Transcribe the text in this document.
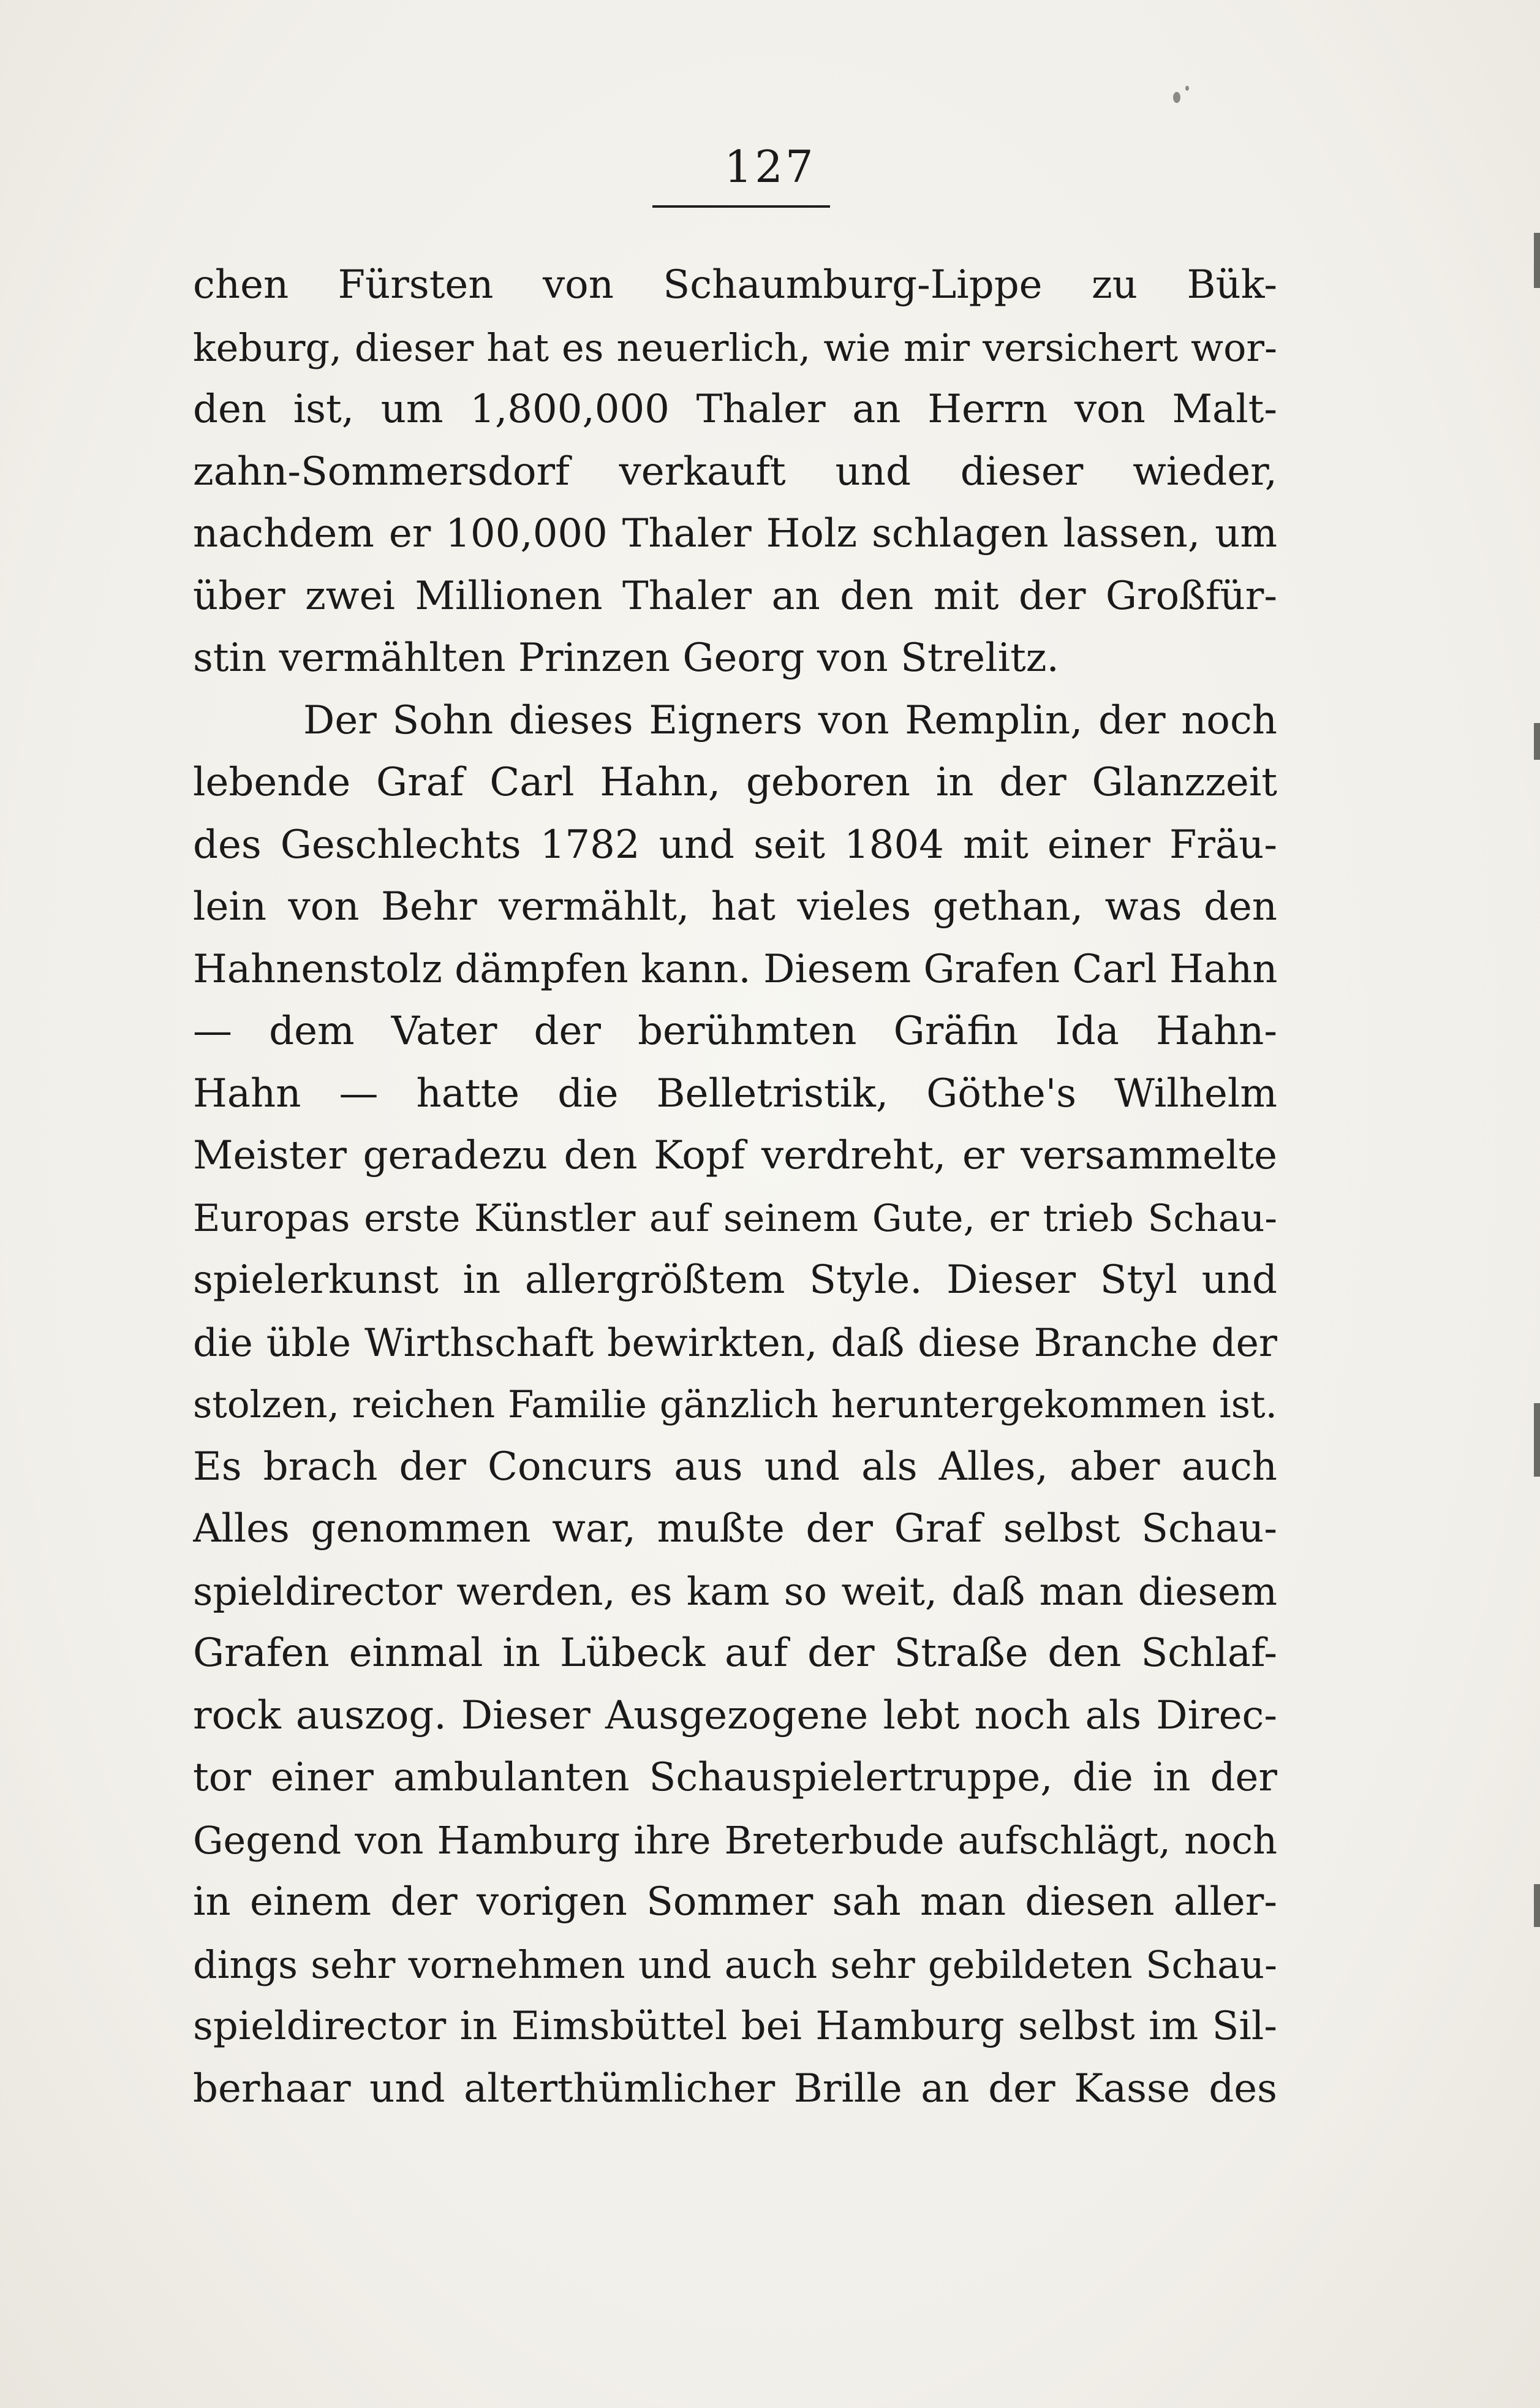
127
chen Fürsten von Schaumburg-Lippe zu Bük-
keburg, dieser hat es neuerlich, wie mir versichert wor-
den ist, um 1,800,000 Thaler an Herrn von Malt-
zahn-Sommersdorf verkauft und dieser wieder,
nachdem er 100,000 Thaler Holz schlagen lassen, um
über zwei Millionen Thaler an den mit der Großfür-
stin vermählten Prinzen Georg von Strelitz.
Der Sohn dieses Eigners von Remplin, der noch
lebende Graf Carl Hahn, geboren in der Glanzzeit
des Geschlechts 1782 und seit 1804 mit einer Fräu-
lein von Behr vermählt, hat vieles gethan, was den
Hahnenstolz dämpfen kann. Diesem Grafen Carl Hahn
— dem Vater der berühmten Gräfin Ida Hahn-
Hahn — hatte die Belletristik, Göthe's Wilhelm
Meister geradezu den Kopf verdreht, er versammelte
Europas erste Künstler auf seinem Gute, er trieb Schau-
spielerkunst in allergrößtem Style. Dieser Styl und
die üble Wirthschaft bewirkten, daß diese Branche der
stolzen, reichen Familie gänzlich heruntergekommen ist.
Es brach der Concurs aus und als Alles, aber auch
Alles genommen war, mußte der Graf selbst Schau-
spieldirector werden, es kam so weit, daß man diesem
Grafen einmal in Lübeck auf der Straße den Schlaf-
rock auszog. Dieser Ausgezogene lebt noch als Direc-
tor einer ambulanten Schauspielertruppe, die in der
Gegend von Hamburg ihre Breterbude aufschlägt, noch
in einem der vorigen Sommer sah man diesen aller-
dings sehr vornehmen und auch sehr gebildeten Schau-
spieldirector in Eimsbüttel bei Hamburg selbst im Sil-
berhaar und alterthümlicher Brille an der Kasse des
